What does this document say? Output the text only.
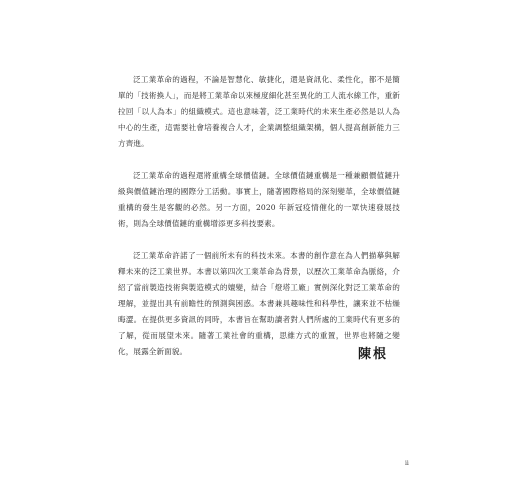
泛工業革命的過程，不論是智慧化、敏捷化，還是資訊化、柔性化，都不是簡單的「技術換人」，而是將工業革命以來極度細化甚至異化的工人流水線工作，重新拉回「以人為本」的組織模式。這也意味著，泛工業時代的未來生產必然是以人為中心的生產，這需要社會培養複合人才，企業調整組織架構，個人提高創新能力三方齊進。

泛工業革命的過程還將重構全球價值鏈。全球價值鏈重構是一種兼顧價值鏈升級與價值鏈治理的國際分工活動。事實上，隨著國際格局的深刻變革，全球價值鏈重構的發生是客觀的必然。另一方面，2020 年新冠疫情催化的一眾快速發展技術，則為全球價值鏈的重構增添更多科技要素。

泛工業革命許諾了一個前所未有的科技未來。本書的創作意在為人們描摹與解釋未來的泛工業世界。本書以第四次工業革命為背景，以歷次工業革命為脈絡，介紹了當前製造技術與製造模式的嬗變，結合「燈塔工廠」實例深化對泛工業革命的理解，並提出具有前瞻性的預測與困惑。本書兼具趣味性和科學性，讓來並不枯燥晦澀。在提供更多資訊的同時，本書旨在幫助讀者對人們所處的工業時代有更多的了解，從而展望未來。隨著工業社會的重構，思維方式的重置，世界也將隨之變化，展露全新面貌。	陳根
ii
